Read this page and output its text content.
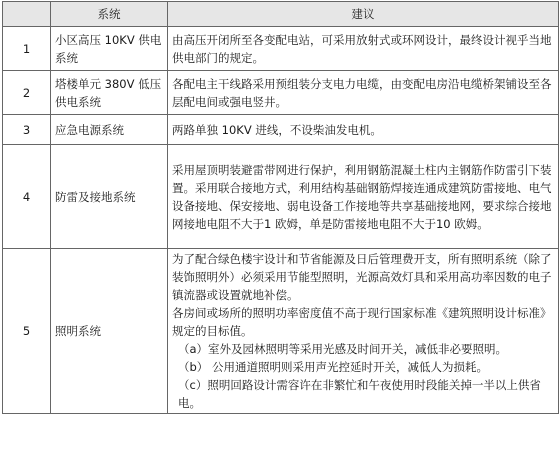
	系统	建议
1	小区高压 10KV 供电系统	由高压开闭所至各变配电站，可采用放射式或环网设计，最终设计视乎当地供电部门的规定。
2	塔楼单元 380V 低压供电系统	各配电主干线路采用预组装分支电力电缆，由变配电房沿电缆桥架铺设至各层配电间或强电竖井。
3	应急电源系统	两路单独 10KV 进线，不设柴油发电机。
4	防雷及接地系统	采用屋顶明装避雷带网进行保护，利用钢筋混凝土柱内主钢筋作防雷引下装置。采用联合接地方式，利用结构基础钢筋焊接连通成建筑防雷接地、电气设备接地、保安接地、弱电设备工作接地等共享基础接地网，要求综合接地网接地电阻不大于1 欧姆，单是防雷接地电阻不大于10 欧姆。
5	照明系统	为了配合绿色楼宇设计和节省能源及日后管理费开支，所有照明系统（除了装饰照明外）必须采用节能型照明，光源高效灯具和采用高功率因数的电子镇流器或设置就地补偿。
各房间或场所的照明功率密度值不高于现行国家标准《建筑照明设计标准》规定的目标值。
（a）室外及园林照明等采用光感及时间开关，减低非必要照明。
（b） 公用通道照明则采用声光控延时开关，减低人为损耗。
（c）照明回路设计需容许在非繁忙和午夜使用时段能关掉一半以上供省电。
